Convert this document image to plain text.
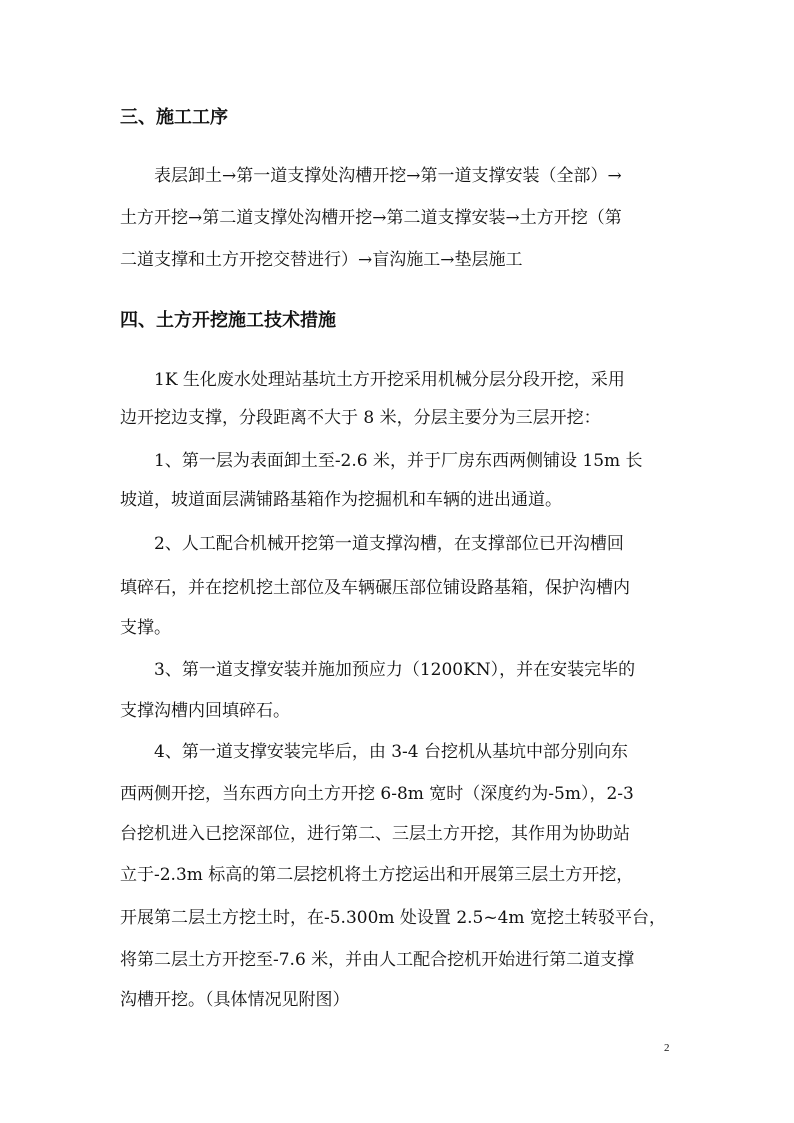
三、施工工序
表层卸土→第一道支撑处沟槽开挖→第一道支撑安装（全部）→
土方开挖→第二道支撑处沟槽开挖→第二道支撑安装→土方开挖（第
二道支撑和土方开挖交替进行）→盲沟施工→垫层施工
四、土方开挖施工技术措施
1K 生化废水处理站基坑土方开挖采用机械分层分段开挖，采用
边开挖边支撑，分段距离不大于 8 米，分层主要分为三层开挖：
1、第一层为表面卸土至-2.6 米，并于厂房东西两侧铺设 15m 长
坡道，坡道面层满铺路基箱作为挖掘机和车辆的进出通道。
2、人工配合机械开挖第一道支撑沟槽，在支撑部位已开沟槽回
填碎石，并在挖机挖土部位及车辆碾压部位铺设路基箱，保护沟槽内
支撑。
3、第一道支撑安装并施加预应力（1200KN），并在安装完毕的
支撑沟槽内回填碎石。
4、第一道支撑安装完毕后，由 3-4 台挖机从基坑中部分别向东
西两侧开挖，当东西方向土方开挖 6-8m 宽时（深度约为-5m），2-3
台挖机进入已挖深部位，进行第二、三层土方开挖，其作用为协助站
立于-2.3m 标高的第二层挖机将土方挖运出和开展第三层土方开挖，
开展第二层土方挖土时，在-5.300m 处设置 2.5~4m 宽挖土转驳平台，
将第二层土方开挖至-7.6 米，并由人工配合挖机开始进行第二道支撑
沟槽开挖。（具体情况见附图）
2
